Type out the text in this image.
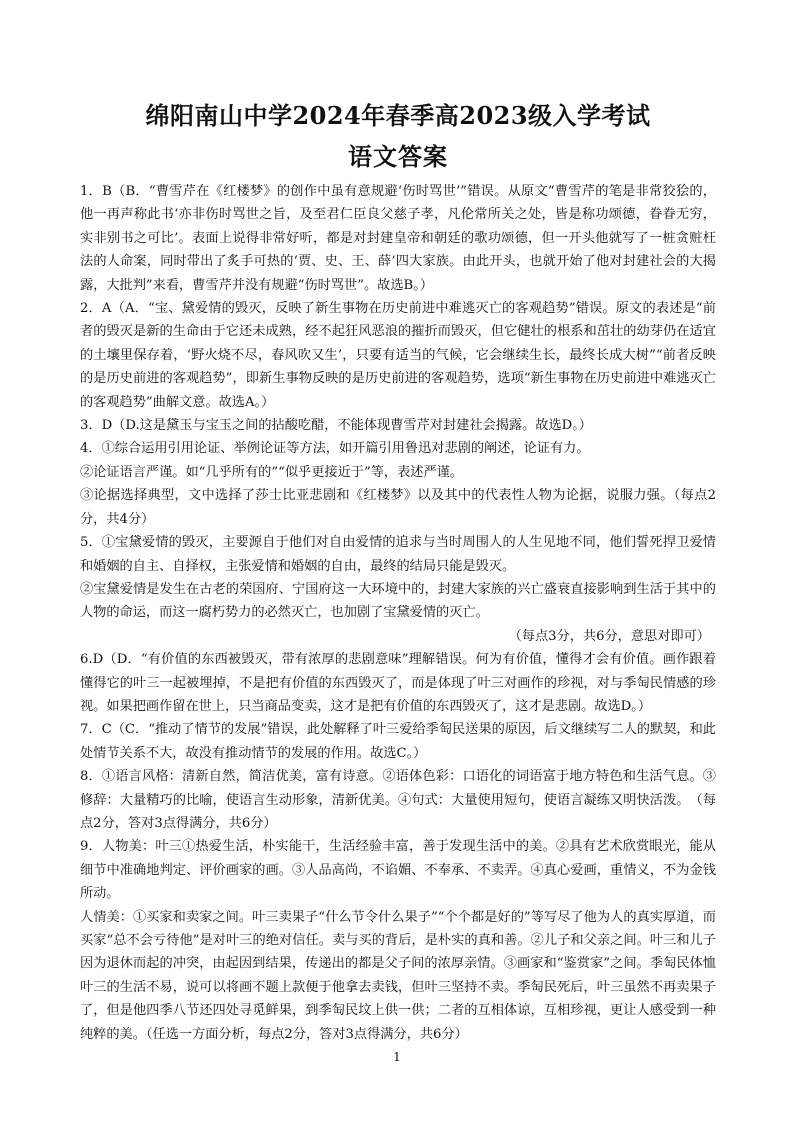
绵阳南山中学2024年春季高2023级入学考试
语文答案

1．B（B．“曹雪芹在《红楼梦》的创作中虽有意规避‘伤时骂世’”错误。从原文“曹雪芹的笔是非常狡狯的，他一再声称此书‘亦非伤时骂世之旨，及至君仁臣良父慈子孝，凡伦常所关之处，皆是称功颂德，眷眷无穷，实非别书之可比’。表面上说得非常好听，都是对封建皇帝和朝廷的歌功颂德，但一开头他就写了一桩贪赃枉法的人命案，同时带出了炙手可热的‘贾、史、王、薛’四大家族。由此开头，也就开始了他对封建社会的大揭露，大批判”来看，曹雪芹并没有规避“伤时骂世”。故选B。）

2．A（A．“宝、黛爱情的毁灭，反映了新生事物在历史前进中难逃灭亡的客观趋势”错误。原文的表述是“前者的毁灭是新的生命由于它还未成熟，经不起狂风恶浪的摧折而毁灭，但它健壮的根系和茁壮的幼芽仍在适宜的土壤里保存着，‘野火烧不尽，春风吹又生’，只要有适当的气候，它会继续生长，最终长成大树”“前者反映的是历史前进的客观趋势”，即新生事物反映的是历史前进的客观趋势，选项“新生事物在历史前进中难逃灭亡的客观趋势”曲解文意。故选A。）

3．D（D.这是黛玉与宝玉之间的拈酸吃醋，不能体现曹雪芹对封建社会揭露。故选D。）

4．①综合运用引用论证、举例论证等方法，如开篇引用鲁迅对悲剧的阐述，论证有力。

②论证语言严谨。如“几乎所有的”“似乎更接近于”等，表述严谨。

③论据选择典型，文中选择了莎士比亚悲剧和《红楼梦》以及其中的代表性人物为论据，说服力强。（每点2分，共4分）

5．①宝黛爱情的毁灭，主要源自于他们对自由爱情的追求与当时周围人的人生见地不同，他们誓死捍卫爱情和婚姻的自主、自择权，主张爱情和婚姻的自由，最终的结局只能是毁灭。

②宝黛爱情是发生在古老的荣国府、宁国府这一大环境中的，封建大家族的兴亡盛衰直接影响到生活于其中的人物的命运，而这一腐朽势力的必然灭亡，也加剧了宝黛爱情的灭亡。

（每点3分，共6分，意思对即可）

6.D（D．“有价值的东西被毁灭，带有浓厚的悲剧意味”理解错误。何为有价值，懂得才会有价值。画作跟着懂得它的叶三一起被埋掉，不是把有价值的东西毁灭了，而是体现了叶三对画作的珍视，对与季匋民情感的珍视。如果把画作留在世上，只当商品变卖，这才是把有价值的东西毁灭了，这才是悲剧。故选D。）

7．C（C．“推动了情节的发展”错误，此处解释了叶三爱给季匋民送果的原因，后文继续写二人的默契，和此处情节关系不大，故没有推动情节的发展的作用。故选C。）

8．①语言风格：清新自然，简洁优美，富有诗意。②语体色彩：口语化的词语富于地方特色和生活气息。③修辞：大量精巧的比喻，使语言生动形象，清新优美。④句式：大量使用短句，使语言凝练又明快活泼。　（每点2分，答对3点得满分，共6分）

9．人物美：叶三①热爱生活，朴实能干，生活经验丰富，善于发现生活中的美。②具有艺术欣赏眼光，能从细节中准确地判定、评价画家的画。③人品高尚，不谄媚、不奉承、不卖弄。④真心爱画，重情义，不为金钱所动。

人情美：①买家和卖家之间。叶三卖果子“什么节令什么果子”“个个都是好的”等写尽了他为人的真实厚道，而买家“总不会亏待他”是对叶三的绝对信任。卖与买的背后，是朴实的真和善。②儿子和父亲之间。叶三和儿子因为退休而起的冲突，由起因到结果，传递出的都是父子间的浓厚亲情。③画家和“鉴赏家”之间。季匋民体恤叶三的生活不易，说可以将画不题上款便于他拿去卖钱，但叶三坚持不卖。季匋民死后，叶三虽然不再卖果子了，但是他四季八节还四处寻觅鲜果，到季匋民坟上供一供；二者的互相体谅，互相珍视，更让人感受到一种纯粹的美。（任选一方面分析，每点2分，答对3点得满分，共6分）

1
